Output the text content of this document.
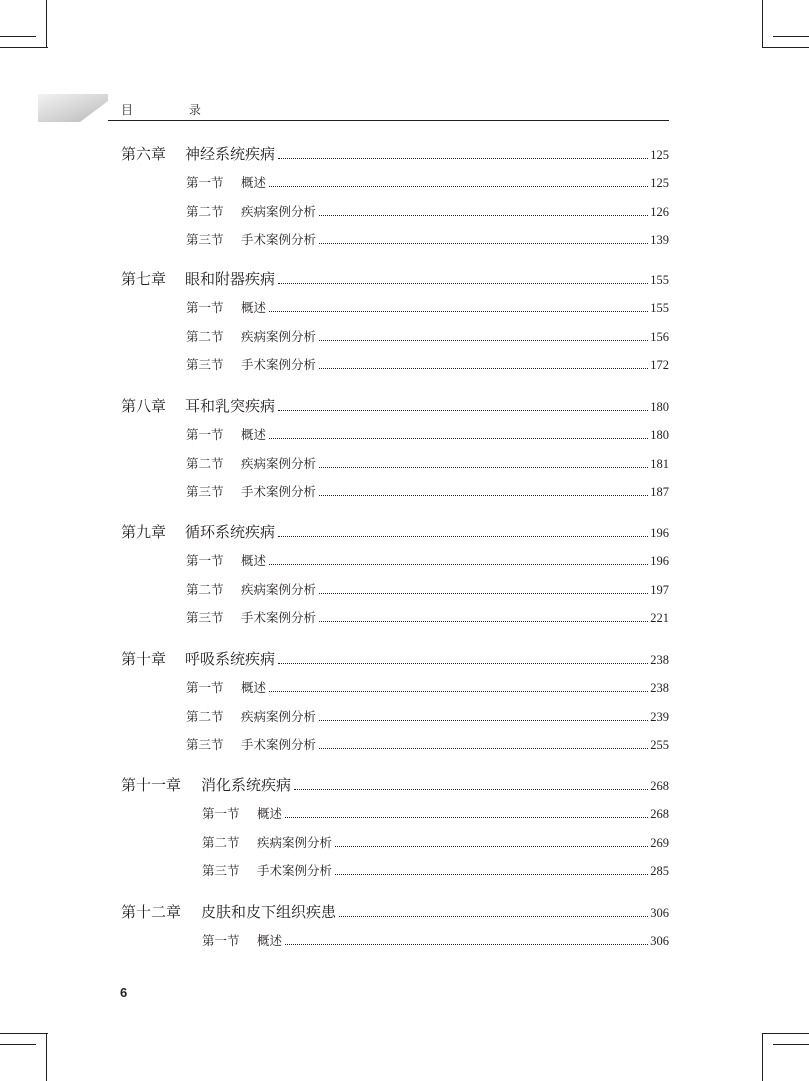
目 录
第六章	神经系统疾病	125
第一节	概述	125
第二节	疾病案例分析	126
第三节	手术案例分析	139
第七章	眼和附器疾病	155
第一节	概述	155
第二节	疾病案例分析	156
第三节	手术案例分析	172
第八章	耳和乳突疾病	180
第一节	概述	180
第二节	疾病案例分析	181
第三节	手术案例分析	187
第九章	循环系统疾病	196
第一节	概述	196
第二节	疾病案例分析	197
第三节	手术案例分析	221
第十章	呼吸系统疾病	238
第一节	概述	238
第二节	疾病案例分析	239
第三节	手术案例分析	255
第十一章	消化系统疾病	268
第一节	概述	268
第二节	疾病案例分析	269
第三节	手术案例分析	285
第十二章	皮肤和皮下组织疾患	306
第一节	概述	306
6
